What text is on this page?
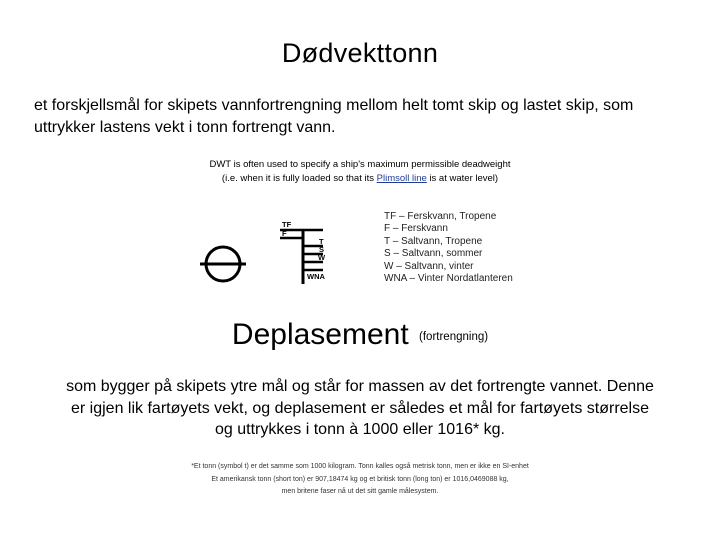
Dødvekttonn
et forskjellsmål for skipets vannfortrengning mellom helt tomt skip og lastet skip, som uttrykker lastens vekt i tonn fortrengt vann.
DWT is often used to specify a ship's maximum permissible deadweight
(i.e. when it is fully loaded so that its Plimsoll line is at water level)
TF
F
T
S
W
WNA
TF – Ferskvann, Tropene
F – Ferskvann
T – Saltvann, Tropene
S – Saltvann, sommer
W – Saltvann, vinter
WNA – Vinter Nordatlanteren
Deplasement (fortrengning)
som bygger på skipets ytre mål og står for massen av det fortrengte vannet. Denne er igjen lik fartøyets vekt, og deplasement er således et mål for fartøyets størrelse og uttrykkes i tonn à 1000 eller 1016* kg.
*Et tonn (symbol t) er det samme som 1000 kilogram. Tonn kalles også metrisk tonn, men er ikke en SI-enhet
Et amerikansk tonn (short ton) er 907,18474 kg og et britisk tonn (long ton) er 1016,0469088 kg,
men britene faser nå ut det sitt gamle målesystem.
